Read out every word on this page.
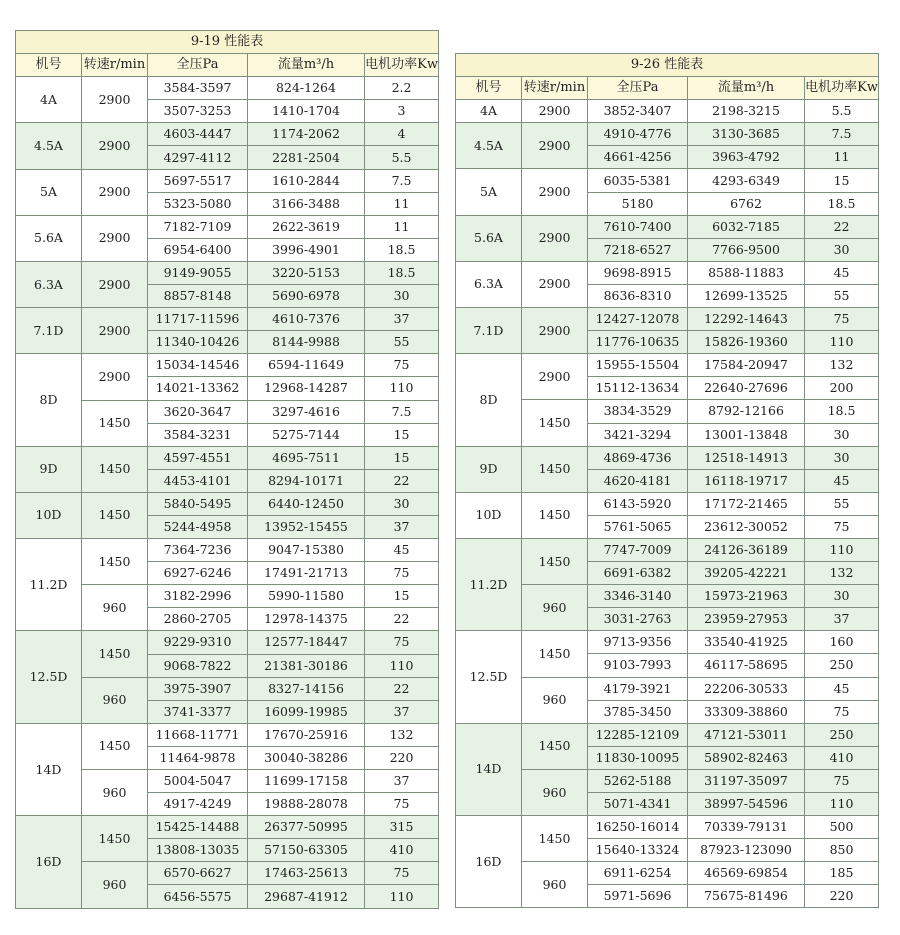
9-19 性能表				
机号	转速r/min	全压Pa	流量m³/h	电机功率Kw
4A	2900	3584-3597	824-1264	2.2
		3507-3253	1410-1704	3
4.5A	2900	4603-4447	1174-2062	4
		4297-4112	2281-2504	5.5
5A	2900	5697-5517	1610-2844	7.5
		5323-5080	3166-3488	11
5.6A	2900	7182-7109	2622-3619	11
		6954-6400	3996-4901	18.5
6.3A	2900	9149-9055	3220-5153	18.5
		8857-8148	5690-6978	30
7.1D	2900	11717-11596	4610-7376	37
		11340-10426	8144-9988	55
8D	2900	15034-14546	6594-11649	75
		14021-13362	12968-14287	110
	1450	3620-3647	3297-4616	7.5
		3584-3231	5275-7144	15
9D	1450	4597-4551	4695-7511	15
		4453-4101	8294-10171	22
10D	1450	5840-5495	6440-12450	30
		5244-4958	13952-15455	37
11.2D	1450	7364-7236	9047-15380	45
		6927-6246	17491-21713	75
	960	3182-2996	5990-11580	15
		2860-2705	12978-14375	22
12.5D	1450	9229-9310	12577-18447	75
		9068-7822	21381-30186	110
	960	3975-3907	8327-14156	22
		3741-3377	16099-19985	37
14D	1450	11668-11771	17670-25916	132
		11464-9878	30040-38286	220
	960	5004-5047	11699-17158	37
		4917-4249	19888-28078	75
16D	1450	15425-14488	26377-50995	315
		13808-13035	57150-63305	410
	960	6570-6627	17463-25613	75
		6456-5575	29687-41912	110
9-26 性能表				
机号	转速r/min	全压Pa	流量m³/h	电机功率Kw
4A	2900	3852-3407	2198-3215	5.5
4.5A	2900	4910-4776	3130-3685	7.5
		4661-4256	3963-4792	11
5A	2900	6035-5381	4293-6349	15
		5180	6762	18.5
5.6A	2900	7610-7400	6032-7185	22
		7218-6527	7766-9500	30
6.3A	2900	9698-8915	8588-11883	45
		8636-8310	12699-13525	55
7.1D	2900	12427-12078	12292-14643	75
		11776-10635	15826-19360	110
8D	2900	15955-15504	17584-20947	132
		15112-13634	22640-27696	200
	1450	3834-3529	8792-12166	18.5
		3421-3294	13001-13848	30
9D	1450	4869-4736	12518-14913	30
		4620-4181	16118-19717	45
10D	1450	6143-5920	17172-21465	55
		5761-5065	23612-30052	75
11.2D	1450	7747-7009	24126-36189	110
		6691-6382	39205-42221	132
	960	3346-3140	15973-21963	30
		3031-2763	23959-27953	37
12.5D	1450	9713-9356	33540-41925	160
		9103-7993	46117-58695	250
	960	4179-3921	22206-30533	45
		3785-3450	33309-38860	75
14D	1450	12285-12109	47121-53011	250
		11830-10095	58902-82463	410
	960	5262-5188	31197-35097	75
		5071-4341	38997-54596	110
16D	1450	16250-16014	70339-79131	500
		15640-13324	87923-123090	850
	960	6911-6254	46569-69854	185
		5971-5696	75675-81496	220
